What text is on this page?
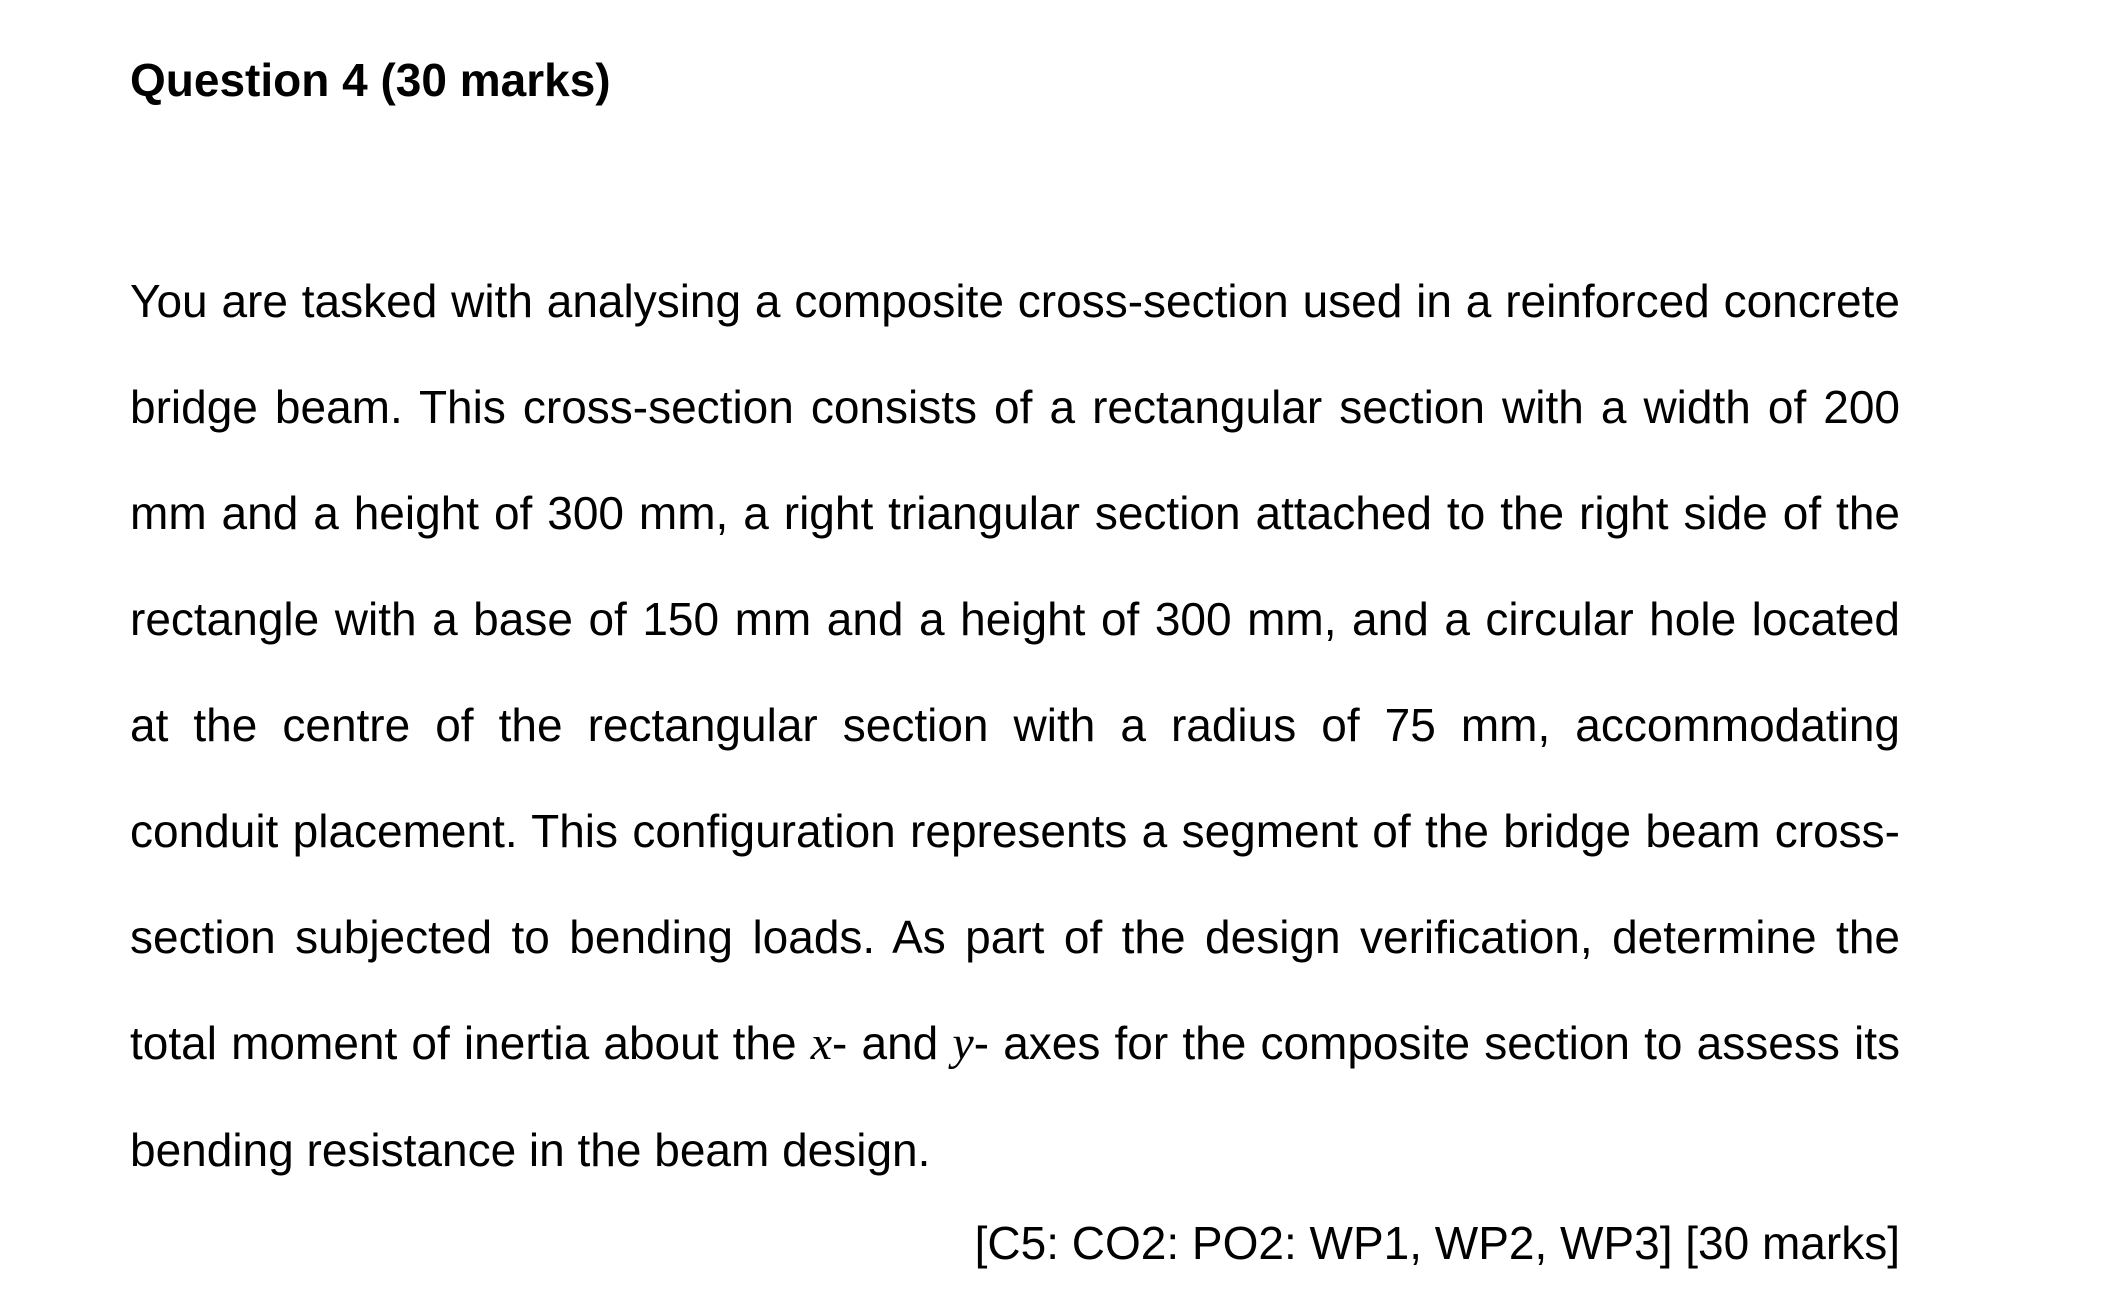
Question 4 (30 marks)

You are tasked with analysing a composite cross-section used in a reinforced concrete bridge beam. This cross-section consists of a rectangular section with a width of 200 mm and a height of 300 mm, a right triangular section attached to the right side of the rectangle with a base of 150 mm and a height of 300 mm, and a circular hole located at the centre of the rectangular section with a radius of 75 mm, accommodating conduit placement. This configuration represents a segment of the bridge beam cross-section subjected to bending loads. As part of the design verification, determine the total moment of inertia about the x- and y- axes for the composite section to assess its bending resistance in the beam design.

[C5: CO2: PO2: WP1, WP2, WP3] [30 marks]
